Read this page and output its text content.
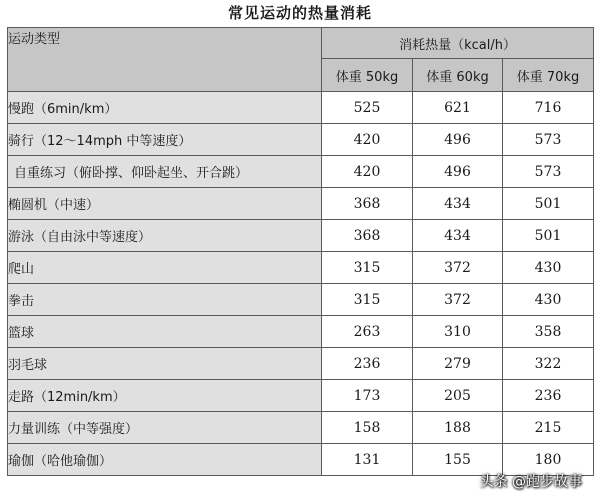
常见运动的热量消耗
运动类型	消耗热量（kcal/h）		
	体重 50kg	体重 60kg	体重 70kg
慢跑（6min/km）	525	621	716
骑行（12～14mph 中等速度）	420	496	573
自重练习（俯卧撑、仰卧起坐、开合跳）	420	496	573
椭圆机（中速）	368	434	501
游泳（自由泳中等速度）	368	434	501
爬山	315	372	430
拳击	315	372	430
篮球	263	310	358
羽毛球	236	279	322
走路（12min/km）	173	205	236
力量训练（中等强度）	158	188	215
瑜伽（哈他瑜伽）	131	155	180
头条 @跑步故事
